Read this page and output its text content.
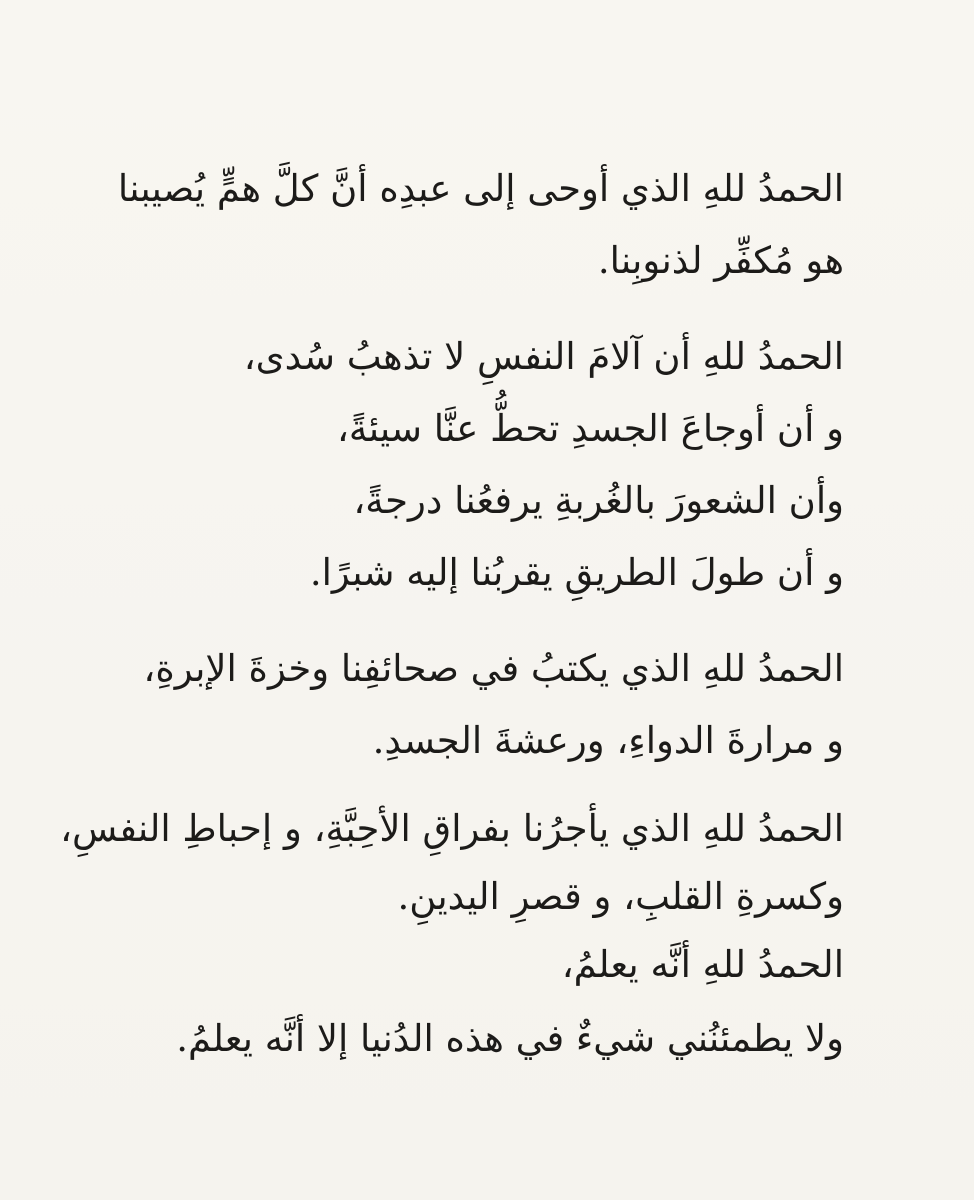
الحمدُ للهِ الذي أوحى إلى عبدِه أنَّ كلَّ همٍّ يُصيبنا
هو مُكفِّر لذنوبِنا.
الحمدُ للهِ أن آلامَ النفسِ لا تذهبُ سُدى،
و أن أوجاعَ الجسدِ تحطُّ عنَّا سيئةً،
وأن الشعورَ بالغُربةِ يرفعُنا درجةً،
و أن طولَ الطريقِ يقربُنا إليه شبرًا.
الحمدُ للهِ الذي يكتبُ في صحائفِنا وخزةَ الإبرةِ،
و مرارةَ الدواءِ، ورعشةَ الجسدِ.
الحمدُ للهِ الذي يأجرُنا بفراقِ الأحِبَّةِ، و إحباطِ النفسِ،
وكسرةِ القلبِ، و قصرِ اليدينِ.
الحمدُ للهِ أنَّه يعلمُ،
ولا يطمئنُني شيءٌ في هذه الدُنيا إلا أنَّه يعلمُ.
